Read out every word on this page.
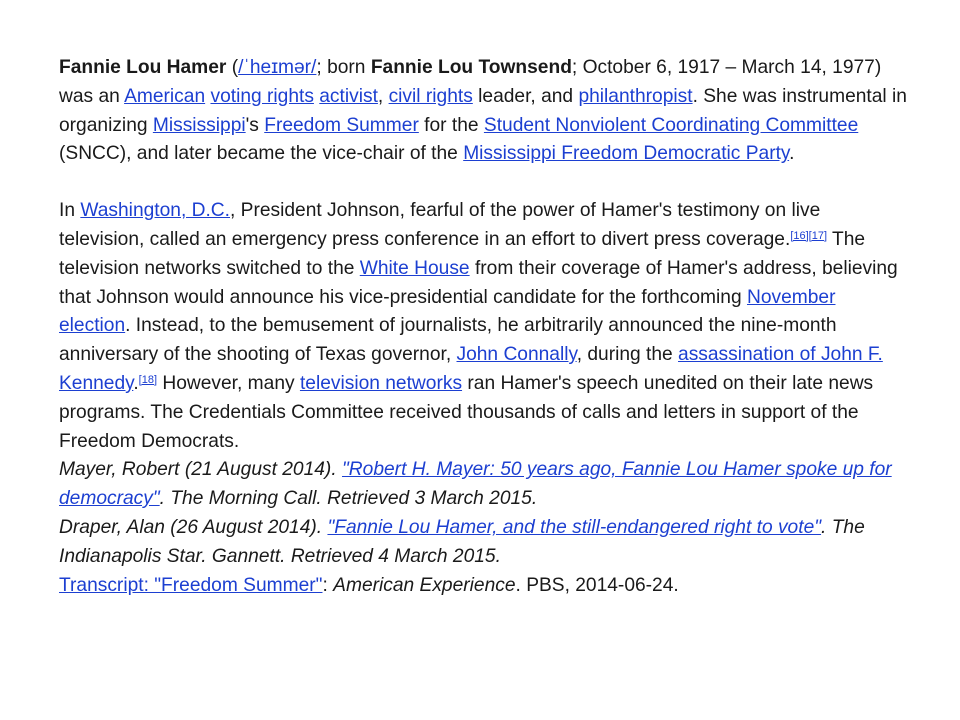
Fannie Lou Hamer (/ˈheɪmər/; born Fannie Lou Townsend; October 6, 1917 – March 14, 1977) was an American voting rights activist, civil rights leader, and philanthropist. She was instrumental in organizing Mississippi's Freedom Summer for the Student Nonviolent Coordinating Committee (SNCC), and later became the vice-chair of the Mississippi Freedom Democratic Party.

In Washington, D.C., President Johnson, fearful of the power of Hamer's testimony on live television, called an emergency press conference in an effort to divert press coverage.[16][17] The television networks switched to the White House from their coverage of Hamer's address, believing that Johnson would announce his vice-presidential candidate for the forthcoming November election. Instead, to the bemusement of journalists, he arbitrarily announced the nine-month anniversary of the shooting of Texas governor, John Connally, during the assassination of John F. Kennedy.[18] However, many television networks ran Hamer's speech unedited on their late news programs. The Credentials Committee received thousands of calls and letters in support of the Freedom Democrats.

Mayer, Robert (21 August 2014). "Robert H. Mayer: 50 years ago, Fannie Lou Hamer spoke up for democracy". The Morning Call. Retrieved 3 March 2015.

Draper, Alan (26 August 2014). "Fannie Lou Hamer, and the still-endangered right to vote". The Indianapolis Star. Gannett. Retrieved 4 March 2015.

Transcript: "Freedom Summer": American Experience. PBS, 2014-06-24.
